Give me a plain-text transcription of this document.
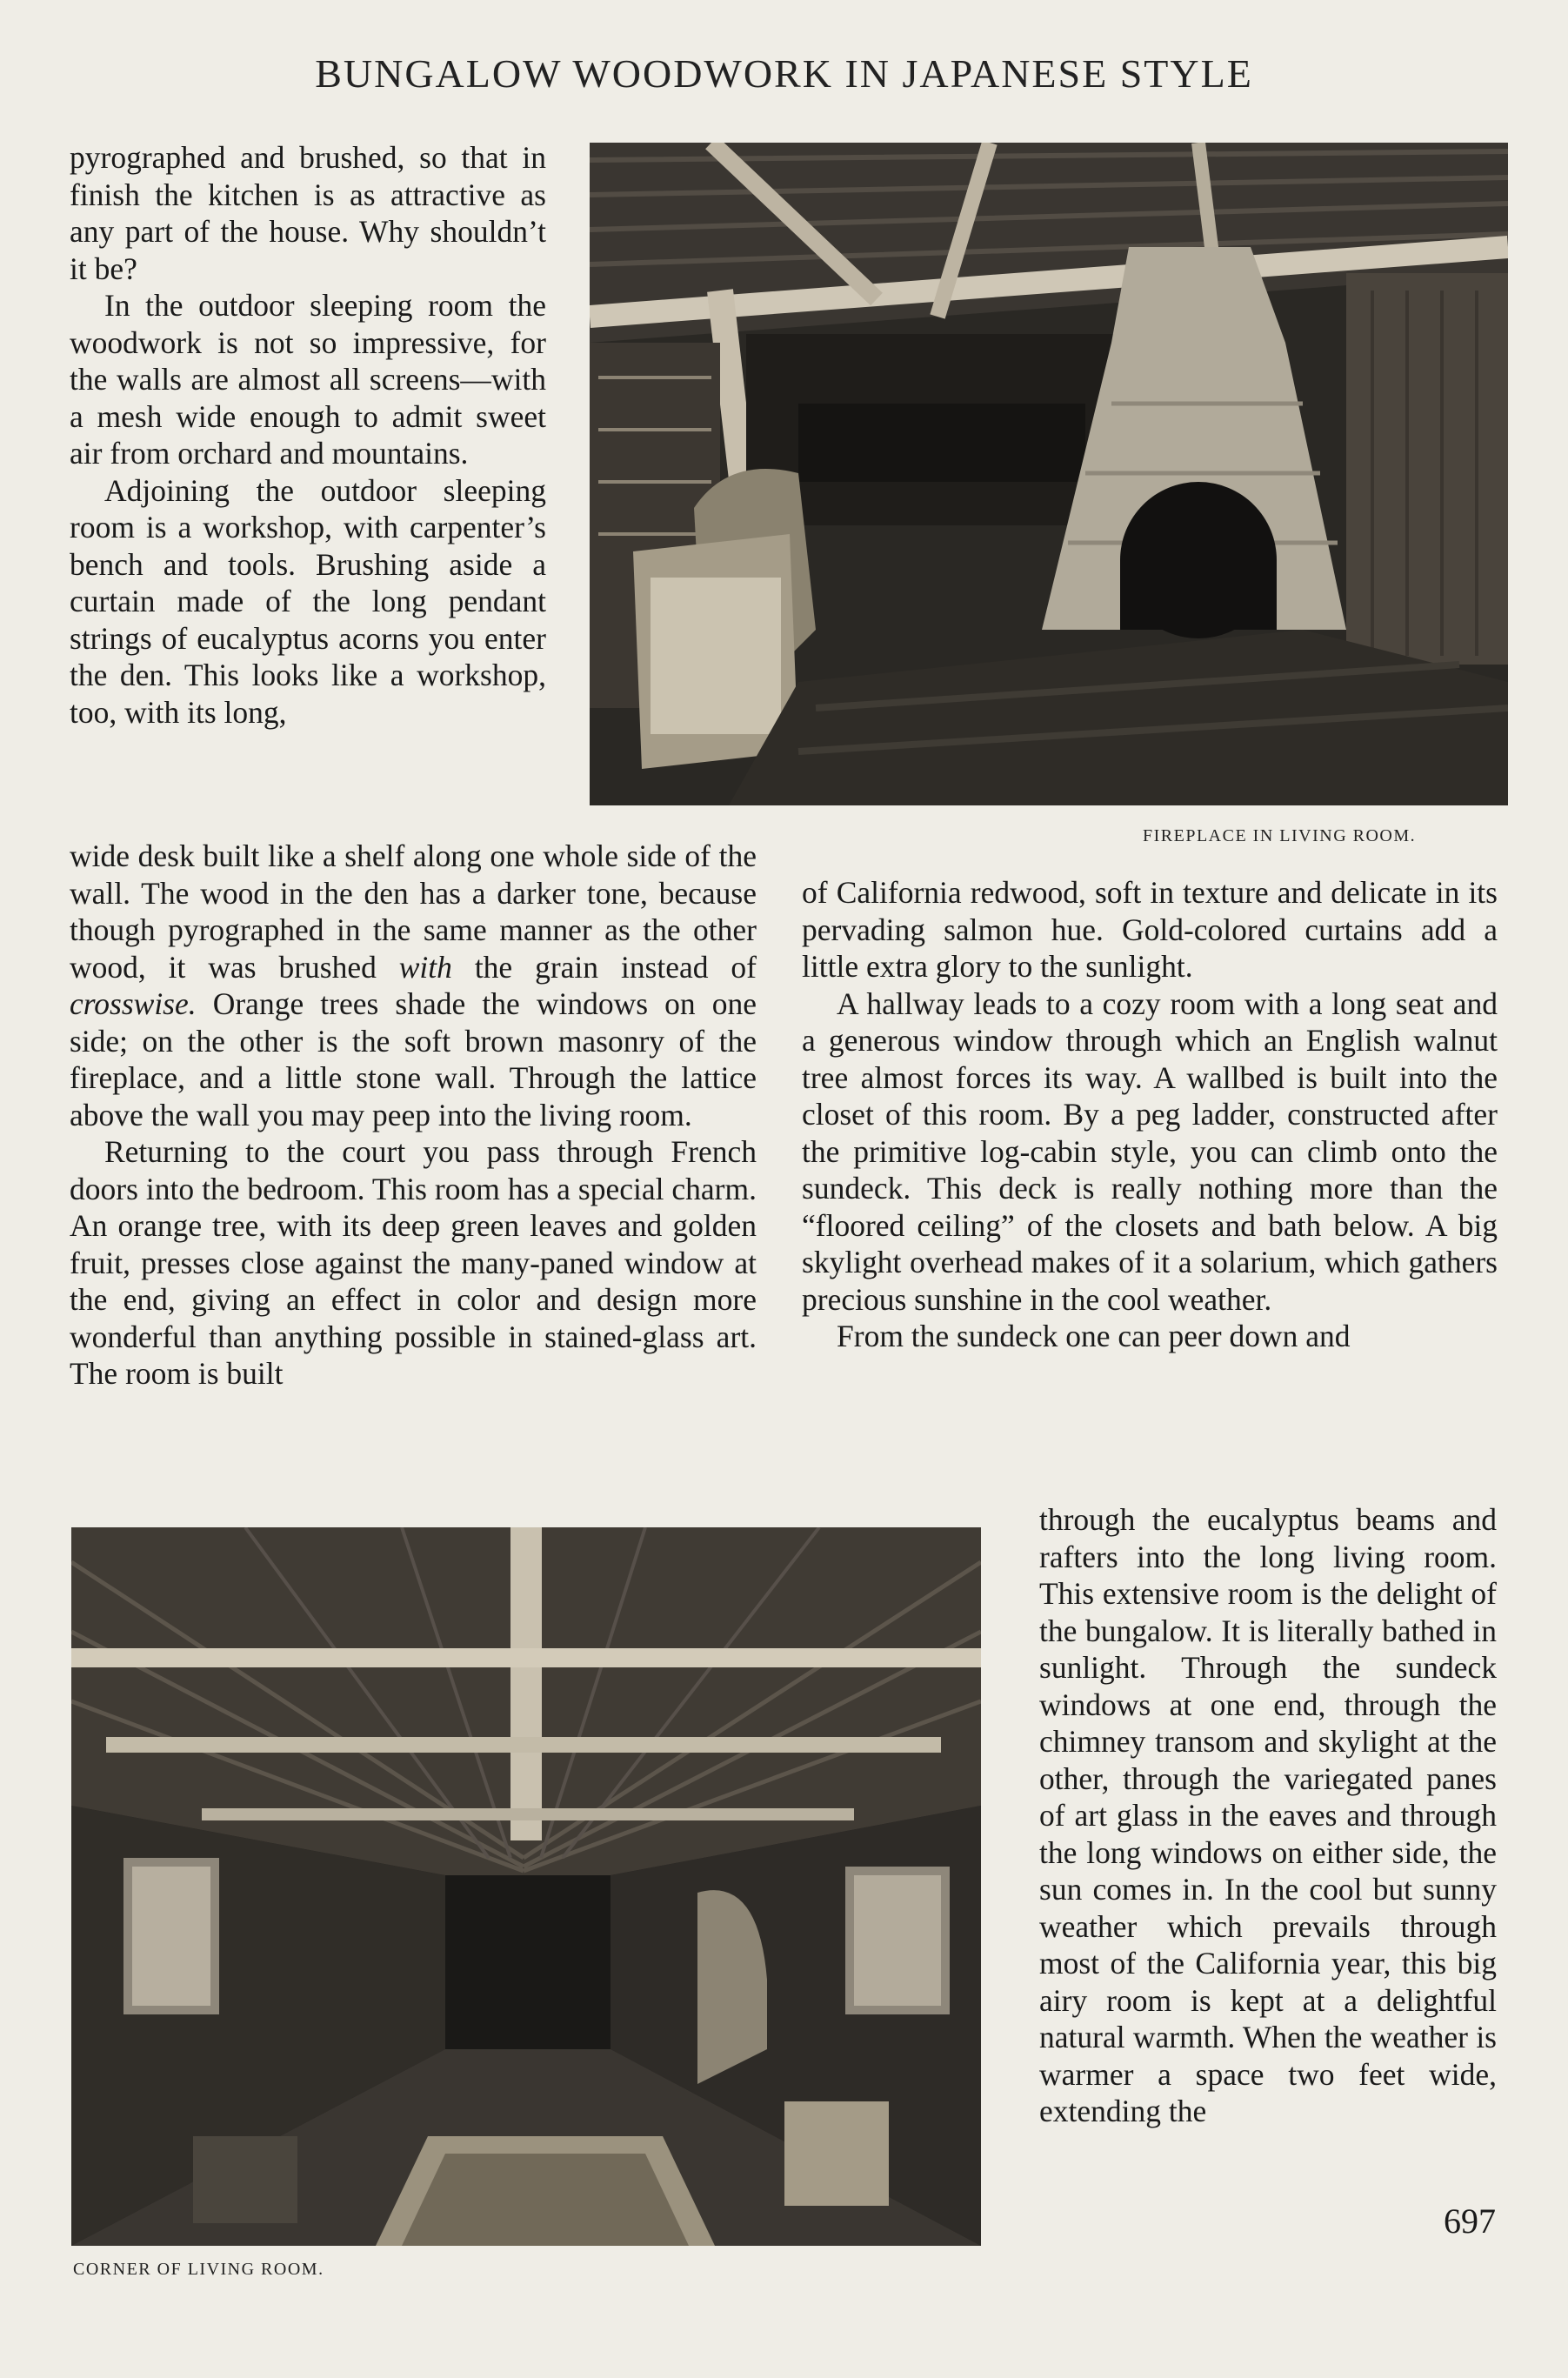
BUNGALOW WOODWORK IN JAPANESE STYLE

pyrographed and brushed, so that in finish the kitchen is as attractive as any part of the house. Why shouldn’t it be?

In the outdoor sleeping room the woodwork is not so impressive, for the walls are almost all screens—with a mesh wide enough to admit sweet air from orchard and mountains.

Adjoining the outdoor sleeping room is a workshop, with carpenter’s bench and tools. Brushing aside a curtain made of the long pendant strings of eucalyptus acorns you enter the den. This looks like a workshop, too, with its long,

FIREPLACE IN LIVING ROOM.

wide desk built like a shelf along one whole side of the wall. The wood in the den has a darker tone, because though pyrographed in the same manner as the other wood, it was brushed with the grain instead of crosswise. Orange trees shade the windows on one side; on the other is the soft brown masonry of the fireplace, and a little stone wall. Through the lattice above the wall you may peep into the living room.

Returning to the court you pass through French doors into the bedroom. This room has a special charm. An orange tree, with its deep green leaves and golden fruit, presses close against the many-paned window at the end, giving an effect in color and design more wonderful than anything possible in stained-glass art. The room is built

of California redwood, soft in texture and delicate in its pervading salmon hue. Gold-colored curtains add a little extra glory to the sunlight.

A hallway leads to a cozy room with a long seat and a generous window through which an English walnut tree almost forces its way. A wallbed is built into the closet of this room. By a peg ladder, constructed after the primitive log-cabin style, you can climb onto the sundeck. This deck is really nothing more than the “floored ceiling” of the closets and bath below. A big skylight overhead makes of it a solarium, which gathers precious sunshine in the cool weather.

From the sundeck one can peer down and

CORNER OF LIVING ROOM.

through the eucalyptus beams and rafters into the long living room. This extensive room is the delight of the bungalow. It is literally bathed in sunlight. Through the sundeck windows at one end, through the chimney transom and skylight at the other, through the variegated panes of art glass in the eaves and through the long windows on either side, the sun comes in. In the cool but sunny weather which prevails through most of the California year, this big airy room is kept at a delightful natural warmth. When the weather is warmer a space two feet wide, extending the

697
